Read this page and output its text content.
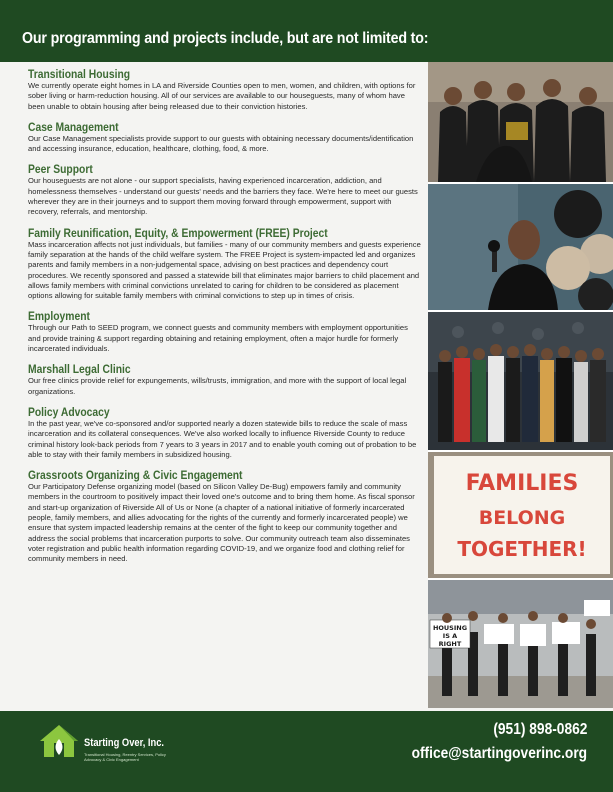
Our programming and projects include, but are not limited to:
Transitional Housing

We currently operate eight homes in LA and Riverside Counties open to men, women, and children, with options for sober living or harm-reduction housing. All of our services are available to our houseguests, many of whom have been unable to obtain housing after being released due to their conviction histories.

Case Management

Our Case Management specialists provide support to our guests with obtaining necessary documents/identification and accessing insurance, education, healthcare, clothing, food, & more.

Peer Support

Our houseguests are not alone - our support specialists, having experienced incarceration, addiction, and homelessness themselves - understand our guests' needs and the barriers they face. We're here to meet our guests wherever they are in their journeys and to support them moving forward through empowerment, support with recovery, referrals, and mentorship.

Family Reunification, Equity, & Empowerment (FREE) Project

Mass incarceration affects not just individuals, but families - many of our community members and guests experience family separation at the hands of the child welfare system. The FREE Project is system-impacted led and organizes parents and family members in a non-judgemental space, advising on best practices and dependency court procedures. We recently sponsored and passed a statewide bill that eliminates major barriers to child placement and allows family members with criminal convictions unrelated to caring for children to be considered as placement options allowing for suitable family members with criminal convictions to step up in times of crisis.

Employment

Through our Path to SEED program, we connect guests and community members with employment opportunities and provide training & support regarding obtaining and retaining employment, often a major hurdle for formerly incarcerated individuals.

Marshall Legal Clinic

Our free clinics provide relief for expungements, wills/trusts, immigration, and more with the support of local legal organizations.

Policy Advocacy

In the past year, we've co-sponsored and/or supported nearly a dozen statewide bills to reduce the scale of mass incarceration and its collateral consequences. We've also worked locally to influence Riverside County to reduce criminal history look-back periods from 7 years to 3 years in 2017 and to enable youth coming out of probation to be able to stay with their family members in subsidized housing.

Grassroots Organizing & Civic Engagement

Our Participatory Defense organizing model (based on Silicon Valley De-Bug) empowers family and community members in the courtroom to positively impact their loved one's outcome and to bring them home. As fiscal sponsor and start-up organization of Riverside All of Us or None (a chapter of a national initiative of formerly incarcerated people, family members, and allies advocating for the rights of the currently and formerly incarcerated people) we ensure that system impacted leadership remains at the center of the fight to keep our community together and address the social problems that incarceration purports to solve. Our community outreach team also disseminates voter registration and public health information regarding COVID-19, and we organize food and clothing relief for community members in need.

FAMILIES
BELONG
TOGETHER!
HOUSING
IS A
RIGHT
Starting Over, Inc.
Transitional Housing, Reentry Services, Policy Advocacy & Civic Engagement
(951) 898-0862
office@startingoverinc.org
